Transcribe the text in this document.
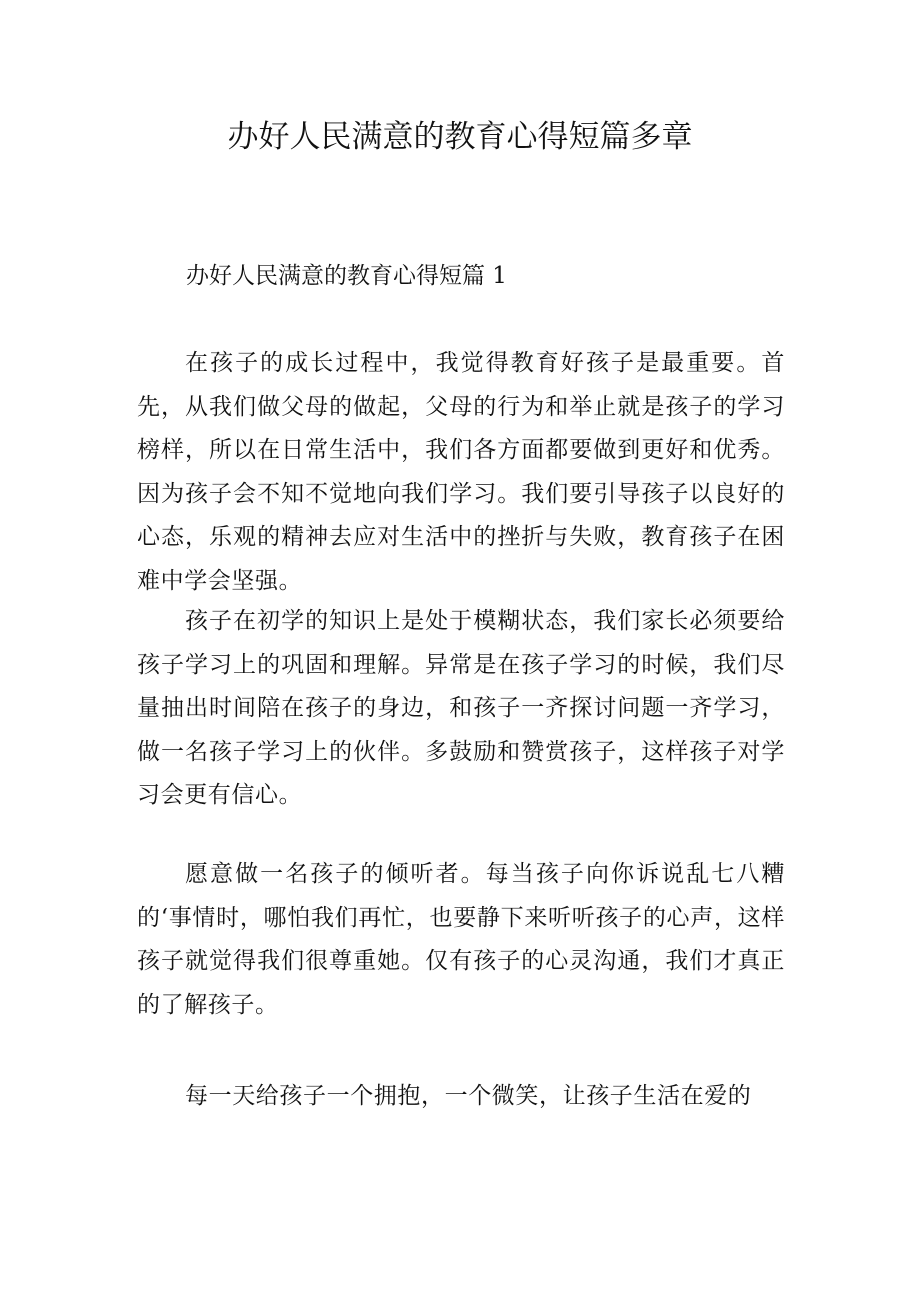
办好人民满意的教育心得短篇多章
办好人民满意的教育心得短篇 1

在孩子的成长过程中，我觉得教育好孩子是最重要。首先，从我们做父母的做起，父母的行为和举止就是孩子的学习榜样，所以在日常生活中，我们各方面都要做到更好和优秀。因为孩子会不知不觉地向我们学习。我们要引导孩子以良好的心态，乐观的精神去应对生活中的挫折与失败，教育孩子在困难中学会坚强。

孩子在初学的知识上是处于模糊状态，我们家长必须要给孩子学习上的巩固和理解。异常是在孩子学习的时候，我们尽量抽出时间陪在孩子的身边，和孩子一齐探讨问题一齐学习，做一名孩子学习上的伙伴。多鼓励和赞赏孩子，这样孩子对学习会更有信心。

愿意做一名孩子的倾听者。每当孩子向你诉说乱七八糟的‘事情时，哪怕我们再忙，也要静下来听听孩子的心声，这样孩子就觉得我们很尊重她。仅有孩子的心灵沟通，我们才真正的了解孩子。

每一天给孩子一个拥抱，一个微笑，让孩子生活在爱的
